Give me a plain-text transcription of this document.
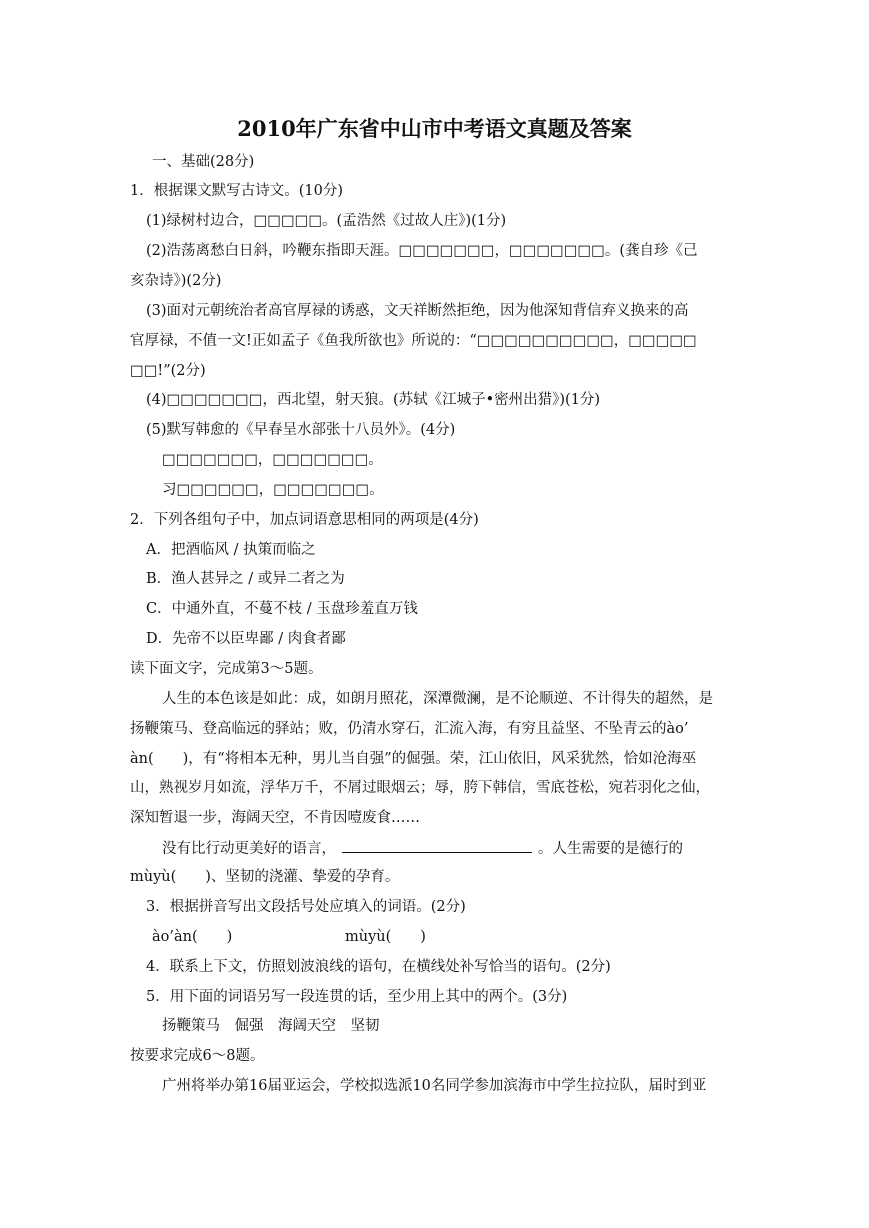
2010年广东省中山市中考语文真题及答案
一、基础(28分)
1．根据课文默写古诗文。(10分)
(1)绿树村边合，□□□□□。(孟浩然《过故人庄》)(1分)
(2)浩荡离愁白日斜，吟鞭东指即天涯。□□□□□□□，□□□□□□□。(龚自珍《己
亥杂诗》)(2分)
(3)面对元朝统治者高官厚禄的诱惑，文天祥断然拒绝，因为他深知背信弃义换来的高
官厚禄，不值一文!正如孟子《鱼我所欲也》所说的：“□□□□□□□□□□，□□□□□
□□!”(2分)
(4)□□□□□□□，西北望，射天狼。(苏轼《江城子•密州出猎》)(1分)
(5)默写韩愈的《早春呈水部张十八员外》。(4分)
□□□□□□□，□□□□□□□。
习□□□□□□，□□□□□□□。
2．下列各组句子中，加点词语意思相同的两项是(4分)
A．把酒临风 / 执策而临之
B．渔人甚异之 / 或异二者之为
C．中通外直，不蔓不枝 / 玉盘珍羞直万钱
D．先帝不以臣卑鄙 / 肉食者鄙
读下面文字，完成第3～5题。
人生的本色该是如此：成，如朗月照花，深潭微澜，是不论顺逆、不计得失的超然，是
扬鞭策马、登高临远的驿站；败，仍清水穿石，汇流入海，有穷且益坚、不坠青云的ào’
àn(　　)，有“将相本无种，男儿当自强”的倔强。荣，江山依旧，风采犹然，恰如沧海巫
山，熟视岁月如流，浮华万千，不屑过眼烟云；辱，胯下韩信，雪底苍松，宛若羽化之仙，
深知暂退一步，海阔天空，不肯因噎废食……
没有比行动更美好的语言，	。人生需要的是德行的
mùyù(　　)、坚韧的浇灌、挚爱的孕育。
3．根据拼音写出文段括号处应填入的词语。(2分)
ào’àn(　　)	mùyù(　　)
4．联系上下文，仿照划波浪线的语句，在横线处补写恰当的语句。(2分)
5．用下面的词语另写一段连贯的话，至少用上其中的两个。(3分)
扬鞭策马　倔强　海阔天空　坚韧
按要求完成6～8题。
广州将举办第16届亚运会，学校拟选派10名同学参加滨海市中学生拉拉队，届时到亚
